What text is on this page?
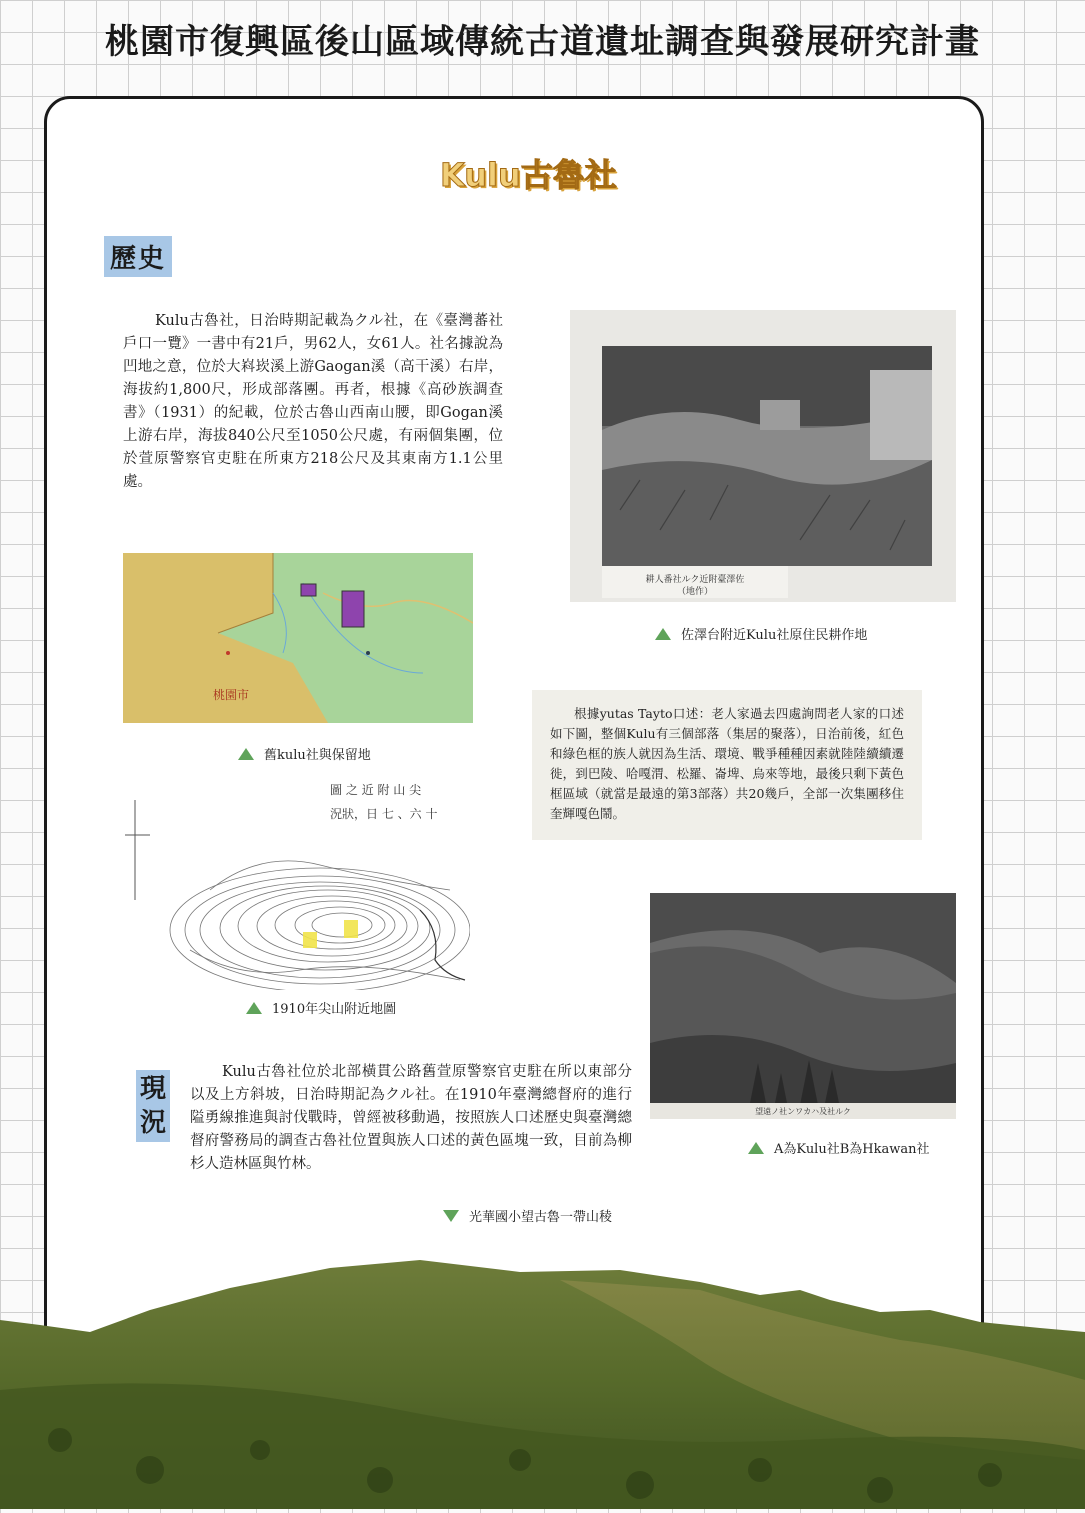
桃園市復興區後山區域傳統古道遺址調查與發展研究計畫
Kulu古魯社
歷史
Kulu古魯社，日治時期記載為クル社，在《臺灣蕃社戶口一覽》一書中有21戶，男62人，女61人。社名據說為凹地之意，位於大嵙崁溪上游Gaogan溪（高干溪）右岸，海拔約1,800尺，形成部落團。再者，根據《高砂族調查書》（1931）的紀載，位於古魯山西南山腰，即Gogan溪上游右岸，海拔840公尺至1050公尺處，有兩個集團，位於萱原警察官吏駐在所東方218公尺及其東南方1.1公里處。
耕人番社ルク近附臺澤佐
（地作）
佐澤台附近Kulu社原住民耕作地
桃園市
舊kulu社與保留地
根據yutas Tayto口述：老人家過去四處詢問老人家的口述如下圖，整個Kulu有三個部落（集居的聚落），日治前後，紅色和綠色框的族人就因為生活、環境、戰爭種種因素就陸陸續續遷徙，到巴陵、哈嘎渭、松羅、崙埤、烏來等地，最後只剩下黃色框區域（就當是最遠的第3部落）共20幾戶，全部一次集團移住奎輝嘎色鬧。
圖 之 近 附 山 尖
況狀，日 七 、六 十
1910年尖山附近地圖
望遠ノ社ンワカハ及社ルク
A為Kulu社B為Hkawan社
現況
Kulu古魯社位於北部橫貫公路舊萱原警察官吏駐在所以東部分以及上方斜坡，日治時期記為クル社。在1910年臺灣總督府的進行隘勇線推進與討伐戰時，曾經被移動過，按照族人口述歷史與臺灣總督府警務局的調查古魯社位置與族人口述的黃色區塊一致，目前為柳杉人造林區與竹林。
光華國小望古魯一帶山稜
